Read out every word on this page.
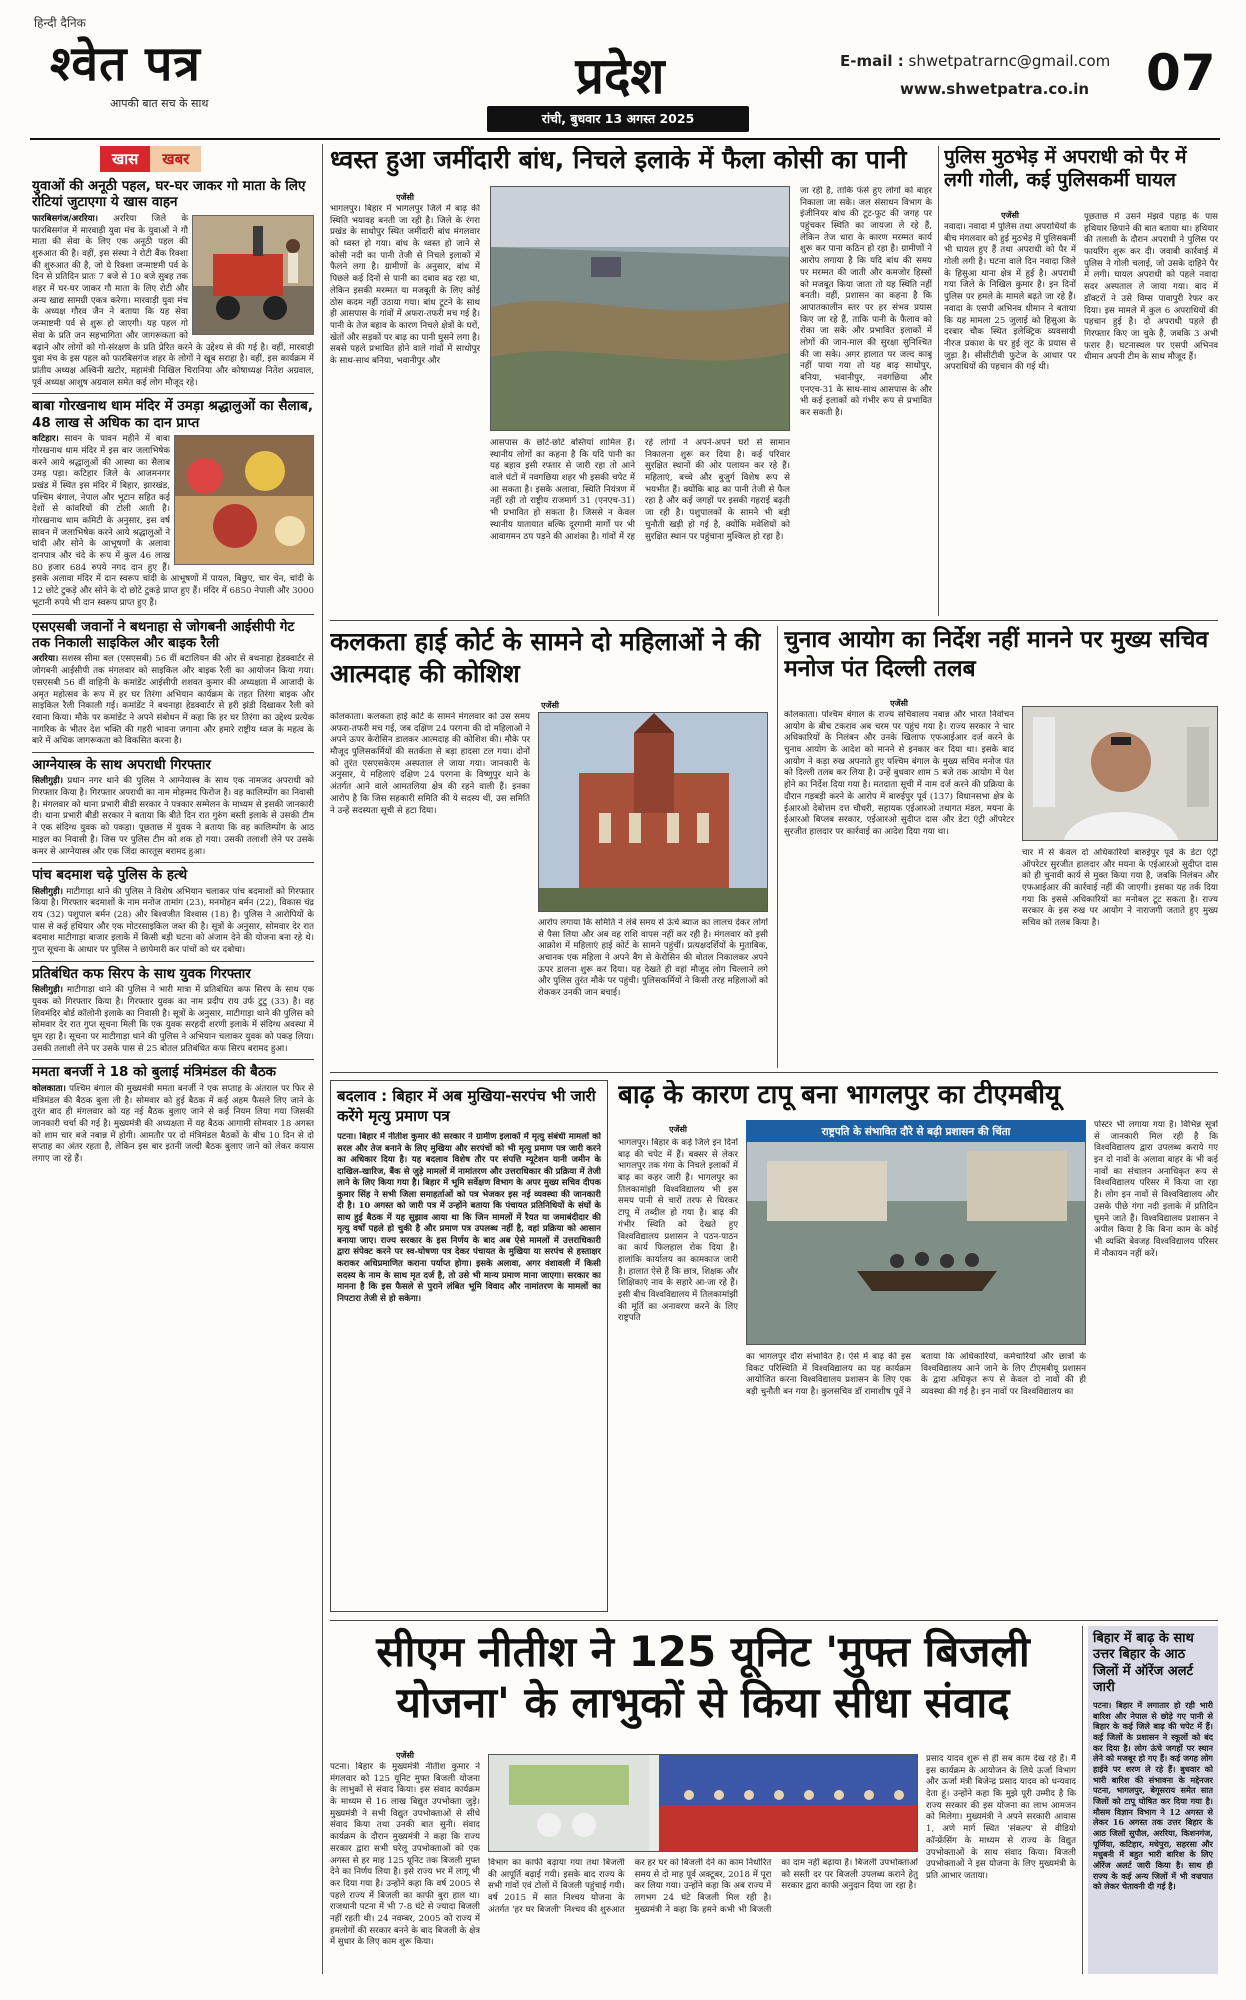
हिन्दी दैनिक
श्वेत पत्र
आपकी बात सच के साथ	प्रदेश
रांची, बुधवार 13 अगस्त 2025
E-mail : shwetpatrarnc@gmail.com
www.shwetpatra.co.in 07
खास	खबर
युवाओं की अनूठी पहल, घर-घर जाकर गो माता के लिए रोटियां जुटाएगा ये खास वाहन
फारबिसगंज/अररिया। अररिया जिले के फारबिसगंज में मारवाड़ी युवा मंच के युवाओं ने गौ माता की सेवा के लिए एक अनूठी पहल की शुरुआत की है। वहीं, इस संस्था ने रोटी बैंक रिक्शा की शुरुआत की है, जो ये रिक्शा जन्माष्टमी पर्व के दिन से प्रतिदिन प्रातः 7 बजे से 10 बजे सुबह तक शहर में घर-घर जाकर गौ माता के लिए रोटी और अन्य खाद्य सामग्री एकत्र करेगा। मारवाड़ी युवा मंच के अध्यक्ष गौरव जैन ने बताया कि यह सेवा जन्माष्टमी पर्व से शुरू हो जाएगी। यह पहल गो सेवा के प्रति जन सहभागिता और जागरूकता को बढ़ाने और लोगों को गो-संरक्षण के प्रति प्रेरित करने के उद्देश्य से की गई है। वहीं, मारवाड़ी युवा मंच के इस पहल को फारबिसगंज शहर के लोगों ने खूब सराहा है। वहीं, इस कार्यक्रम में प्रांतीय अध्यक्ष अश्विनी खटोर, महामंत्री निखिल चिरानिया और कोषाध्यक्ष नितेश अग्रवाल, पूर्व अध्यक्ष आशुष अग्रवाल समेत कई लोग मौजूद रहे।
बाबा गोरखनाथ धाम मंदिर में उमड़ा श्रद्धालुओं का सैलाब, 48 लाख से अधिक का दान प्राप्त
कटिहार। सावन के पावन महीने में बाबा गोरखनाथ धाम मंदिर में इस बार जलाभिषेक करने आये श्रद्धालुओं की आस्था का सैलाब उमड़ पड़ा। कटिहार जिले के आजमनगर प्रखंड में स्थित इस मंदिर में बिहार, झारखंड, पश्चिम बंगाल, नेपाल और भूटान सहित कई देशों से कांवरियों की टोली आती है। गोरखनाथ धाम कमिटी के अनुसार, इस वर्ष सावन में जलाभिषेक करने आये श्रद्धालुओं ने चांदी और सोने के आभूषणों के अलावा दानपात्र और चंदे के रूप में कुल 46 लाख 80 हजार 684 रुपये नगद दान हुए हैं। इसके अलावा मंदिर में दान स्वरूप चांदी के आभूषणों में पायल, बिछुए, चार चेन, चांदी के 12 छोटे टुकड़े और सोने के दो छोटे टुकड़े प्राप्त हुए हैं। मंदिर में 6850 नेपाली और 3000 भूटानी रुपये भी दान स्वरूप प्राप्त हुए हैं।
एसएसबी जवानों ने बथनाहा से जोगबनी आईसीपी गेट तक निकाली साइकिल और बाइक रैली
अररिया। सशस्त्र सीमा बल (एसएसबी) 56 वीं बटालियन की ओर से बथनाहा हेडक्वार्टर से जोगबनी आईसीपी तक मंगलवार को साइकिल और बाइक रैली का आयोजन किया गया। एसएसबी 56 वीं वाहिनी के कमांडेंट आईसीपी शशवत कुमार की अध्यक्षता में आजादी के अमृत महोत्सव के रूप में हर घर तिरंगा अभियान कार्यक्रम के तहत तिरंगा बाइक और साइकिल रैली निकाली गई। कमांडेंट ने बथनाहा हेडक्वार्टर से हरी झंडी दिखाकर रैली को रवाना किया। मौके पर कमांडेंट ने अपने संबोधन में कहा कि हर घर तिरंगा का उद्देश्य प्रत्येक नागरिक के भीतर देश भक्ति की गहरी भावना जगाना और हमारे राष्ट्रीय ध्वज के महत्व के बारे में अधिक जागरूकता को विकसित करना है।
आग्नेयास्त्र के साथ अपराधी गिरफ्तार
सिलीगुड़ी। प्रधान नगर थाने की पुलिस ने आग्नेयास्त्र के साथ एक नामजद अपराधी को गिरफ्तार किया है। गिरफ्तार अपराधी का नाम मोहम्मद फिरोज है। वह कालिम्पोंग का निवासी है। मंगलवार को थाना प्रभारी बीडी सरकार ने पत्रकार सम्मेलन के माध्यम से इसकी जानकारी दी। थाना प्रभारी बीडी सरकार ने बताया कि बीते दिन रात गुरुंग बस्ती इलाके से उसकी टीम ने एक संदिग्ध युवक को पकड़ा। पूछताछ में युवक ने बताया कि वह कालिम्पोंग के आठ माइल का निवासी है। जिस पर पुलिस टीम को शक हो गया। उसकी तलाशी लेने पर उसके कमर से आग्नेयास्त्र और एक जिंदा कारतूस बरामद हुआ।
पांच बदमाश चढ़े पुलिस के हत्थे
सिलीगुड़ी। माटीगाड़ा थाने की पुलिस ने विशेष अभियान चलाकर पांच बदमाशों को गिरफ्तार किया है। गिरफ्तार बदमाशों के नाम मनोज तामांग (23), मनमोहन बर्मन (22), विकास चंद्र राय (32) पशुपाल बर्मन (28) और बिश्वजीत विश्वास (18) है। पुलिस ने आरोपियों के पास से कई हथियार और एक मोटरसाइकिल जब्त की है। सूत्रों के अनुसार, सोमवार देर रात बदमाश माटीगाड़ा बाजार इलाके में किसी बड़ी घटना को अंजाम देने की योजना बना रहे थे। गुप्त सूचना के आधार पर पुलिस ने छापेमारी कर पांचों को धर दबोचा।
प्रतिबंधित कफ सिरप के साथ युवक गिरफ्तार
सिलीगुड़ी। माटीगाड़ा थाने की पुलिस ने भारी मात्रा में प्रतिबंधित कफ सिरप के साथ एक युवक को गिरफ्तार किया है। गिरफ्तार युवक का नाम प्रदीप राय उर्फ टुटु (33) है। वह शिवमंदिर बोर्ड कॉलोनी इलाके का निवासी है। सूत्रों के अनुसार, माटीगाड़ा थाने की पुलिस को सोमवार देर रात गुप्त सूचना मिली कि एक युवक सरहदी शरणी इलाके में संदिग्ध अवस्था में घूम रहा है। सूचना पर माटीगाड़ा थाने की पुलिस ने अभियान चलाकर युवक को पकड़ लिया। उसकी तलाशी लेने पर उसके पास से 25 बोतल प्रतिबंधित कफ सिरप बरामद हुआ।
ममता बनर्जी ने 18 को बुलाई मंत्रिमंडल की बैठक
कोलकाता। पश्चिम बंगाल की मुख्यमंत्री ममता बनर्जी ने एक सप्ताह के अंतराल पर फिर से मंत्रिमंडल की बैठक बुला ली है। सोमवार को हुई बैठक में कई अहम फैसले लिए जाने के तुरंत बाद ही मंगलवार को यह नई बैठक बुलाए जाने से कई नियम लिया गया जिसकी जानकारी चर्चा की गई है। मुख्यमंत्री की अध्यक्षता में यह बैठक आगामी सोमवार 18 अगस्त को शाम चार बजे नबान्न में होगी। आमतौर पर दो मंत्रिमंडल बैठकों के बीच 10 दिन से दो सप्ताह का अंतर रहता है, लेकिन इस बार इतनी जल्दी बैठक बुलाए जाने को लेकर कयास लगाए जा रहे हैं।
ध्वस्त हुआ जमींदारी बांध, निचले इलाके में फैला कोसी का पानी
एजेंसी
भागलपुर। बिहार में भागलपुर जिले में बाढ़ की स्थिति भयावह बनती जा रही है। जिले के रंगरा प्रखंड के साधोपुर स्थित जमींदारी बांध मंगलवार को ध्वस्त हो गया। बांध के ध्वस्त हो जाने से कोसी नदी का पानी तेजी से निचले इलाकों में फैलने लगा है। ग्रामीणों के अनुसार, बांध में पिछले कई दिनों से पानी का दबाव बढ़ रहा था, लेकिन इसकी मरम्मत या मजबूती के लिए कोई ठोस कदम नहीं उठाया गया। बांध टूटने के साथ ही आसपास के गांवों में अफरा-तफरी मच गई है। पानी के तेज बहाव के कारण निचले क्षेत्रों के घरों, खेतों और सड़कों पर बाढ़ का पानी घुसने लगा है। सबसे पहले प्रभावित होने वाले गांवों में साधोपुर के साथ-साथ बनिया, भवानीपुर और
आसपास के छोटे-छोटे बस्तियां शामिल हैं। स्थानीय लोगों का कहना है कि यदि पानी का यह बहाव इसी रफ्तार से जारी रहा तो आने वाले घंटों में नवगछिया शहर भी इसकी चपेट में आ सकता है। इसके अलावा, स्थिति नियंत्रण में नहीं रही तो राष्ट्रीय राजमार्ग 31 (एनएच-31) भी प्रभावित हो सकता है। जिससे न केवल स्थानीय यातायात बल्कि दूरगामी मार्गों पर भी आवागमन ठप पड़ने की आशंका है। गांवों में रह रहे लोगों ने अपने-अपने घरों से सामान निकालना शुरू कर दिया है। कई परिवार सुरक्षित स्थानों की ओर पलायन कर रहे हैं। महिलाएं, बच्चे और बुजुर्ग विशेष रूप से भयभीत हैं। क्योंकि बाढ़ का पानी तेजी से फैल रहा है और कई जगहों पर इसकी गहराई बढ़ती जा रही है। पशुपालकों के सामने भी बड़ी चुनौती खड़ी हो गई है, क्योंकि मवेशियों को सुरक्षित स्थान पर पहुंचाना मुश्किल हो रहा है।
जा रही है, ताकि फंसे हुए लोगों को बाहर निकाला जा सके। जल संसाधन विभाग के इंजीनियर बांध की टूट-फूट की जगह पर पहुंचकर स्थिति का जायजा ले रहे हैं, लेकिन तेज धारा के कारण मरम्मत कार्य शुरू कर पाना कठिन हो रहा है। ग्रामीणों ने आरोप लगाया है कि यदि बांध की समय पर मरम्मत की जाती और कमजोर हिस्सों को मजबूत किया जाता तो यह स्थिति नहीं बनती। वहीं, प्रशासन का कहना है कि आपातकालीन स्तर पर हर संभव प्रयास किए जा रहे हैं, ताकि पानी के फैलाव को रोका जा सके और प्रभावित इलाकों में लोगों की जान-माल की सुरक्षा सुनिश्चित की जा सके। अगर हालात पर जल्द काबू नहीं पाया गया तो यह बाढ़ साधोपुर, बनिया, भवानीपुर, नवगछिया और एनएच-31 के साथ-साथ आसपास के और भी कई इलाकों को गंभीर रूप से प्रभावित कर सकती है।
पुलिस मुठभेड़ में अपराधी को पैर में लगी गोली, कई पुलिसकर्मी घायल
एजेंसी
नवादा। नवादा में पुलिस तथा अपराधियों के बीच मंगलवार को हुई मुठभेड़ में पुलिसकर्मी भी घायल हुए हैं तथा अपराधी को पैर में गोली लगी है। घटना वाले दिन नवादा जिले के हिसुआ थाना क्षेत्र में हुई है। अपराधी गया जिले के निखिल कुमार है। इन दिनों पुलिस पर हमले के मामले बढ़ते जा रहे हैं। नवादा के एसपी अभिनव धीमान ने बताया कि यह मामला 25 जुलाई को हिसुआ के दरबार चौक स्थित इलेक्ट्रिक व्यवसायी नीरज प्रकाश के घर हुई लूट के प्रयास से जुड़ा है। सीसीटीवी फुटेज के आधार पर अपराधियों की पहचान की गई थी।
पूछताछ में उसने मंझवे पहाड़ के पास हथियार छिपाने की बात बताया था। हथियार की तलाशी के दौरान अपराधी ने पुलिस पर फायरिंग शुरू कर दी। जवाबी कार्रवाई में पुलिस ने गोली चलाई, जो उसके दाहिने पैर में लगी। घायल अपराधी को पहले नवादा सदर अस्पताल ले जाया गया। बाद में डॉक्टरों ने उसे विम्स पावापुरी रेफर कर दिया। इस मामले में कुल 6 अपराधियों की पहचान हुई है। दो अपराधी पहले ही गिरफ्तार किए जा चुके हैं, जबकि 3 अभी फरार हैं। घटनास्थल पर एसपी अभिनव धीमान अपनी टीम के साथ मौजूद हैं।
कलकता हाई कोर्ट के सामने दो महिलाओं ने की आत्मदाह की कोशिश
एजेंसी
कोलकाता। कलकता हाई कोर्ट के सामने मंगलवार को उस समय अफरा-तफरी मच गई, जब दक्षिण 24 परगना की दो महिलाओं ने अपने ऊपर केरोसिन डालकर आत्मदाह की कोशिश की। मौके पर मौजूद पुलिसकर्मियों की सतर्कता से बड़ा हादसा टल गया। दोनों को तुरंत एसएसकेएम अस्पताल ले जाया गया। जानकारी के अनुसार, ये महिलाएं दक्षिण 24 परगना के विष्णुपुर थाने के अंतर्गत आने वाले आमतलिया क्षेत्र की रहने वाली हैं। इनका आरोप है कि जिस सहकारी समिति की ये सदस्य थीं, उस समिति ने उन्हें सदस्यता सूची से हटा दिया।
आरोप लगाया कि समिति ने लंबे समय से ऊंचे ब्याज का लालच देकर लोगों से पैसा लिया और अब वह राशि वापस नहीं कर रही है। मंगलवार को इसी आक्रोश में महिलाएं हाई कोर्ट के सामने पहुंचीं। प्रत्यक्षदर्शियों के मुताबिक, अचानक एक महिला ने अपने बैग से केरोसिन की बोतल निकालकर अपने ऊपर डालना शुरू कर दिया। यह देखते ही वहां मौजूद लोग चिल्लाने लगे और पुलिस तुरंत मौके पर पहुंची। पुलिसकर्मियों ने किसी तरह महिलाओं को रोककर उनकी जान बचाई।
चुनाव आयोग का निर्देश नहीं मानने पर मुख्य सचिव मनोज पंत दिल्ली तलब
एजेंसी
कोलकाता। पश्चिम बंगाल के राज्य सचिवालय नबान्न और भारत निर्वाचन आयोग के बीच टकराव अब चरम पर पहुंच गया है। राज्य सरकार ने चार अधिकारियों के निलंबन और उनके खिलाफ एफआईआर दर्ज करने के चुनाव आयोग के आदेश को मानने से इनकार कर दिया था। इसके बाद आयोग ने कड़ा रुख अपनाते हुए पश्चिम बंगाल के मुख्य सचिव मनोज पंत को दिल्ली तलब कर लिया है। उन्हें बुधवार शाम 5 बजे तक आयोग में पेश होने का निर्देश दिया गया है। मतदाता सूची में नाम दर्ज करने की प्रक्रिया के दौरान गड़बड़ी करने के आरोप में बारुईपुर पूर्व (137) विधानसभा क्षेत्र के ईआरओ देबोत्तम दत्त चौधरी, सहायक एईआरओ तथागत मंडल, मयना के ईआरओ बिप्लब सरकार, एईआरओ सुदीप्त दास और डेटा एंट्री ऑपरेटर सुरजीत हालदार पर कार्रवाई का आदेश दिया गया था।
चार में से केवल दो अधिकारियों बारुईपुर पूर्व के डेटा एंट्री ऑपरेटर सुरजीत हालदार और मयना के एईआरओ सुदीप्त दास को ही चुनावी कार्य से मुक्त किया गया है, जबकि निलंबन और एफआईआर की कार्रवाई नहीं की जाएगी। इसका यह तर्क दिया गया कि इससे अधिकारियों का मनोबल टूट सकता है। राज्य सरकार के इस रुख पर आयोग ने नाराजगी जताते हुए मुख्य सचिव को तलब किया है।
बदलाव : बिहार में अब मुखिया-सरपंच भी जारी करेंगे मृत्यु प्रमाण पत्र
पटना। बिहार में नीतीश कुमार की सरकार ने ग्रामीण इलाकों में मृत्यु संबंधी मामलों को सरल और तेज बनाने के लिए मुखिया और सरपंचों को भी मृत्यु प्रमाण पत्र जारी करने का अधिकार दिया है। यह बदलाव विशेष तौर पर संपत्ति म्यूटेशन यानी जमीन के दाखिल-खारिज, बैंक से जुड़े मामलों में नामांतरण और उत्तराधिकार की प्रक्रिया में तेजी लाने के लिए किया गया है। बिहार में भूमि सर्वेक्षण विभाग के अपर मुख्य सचिव दीपक कुमार सिंह ने सभी जिला समाहर्ताओं को पत्र भेजकर इस नई व्यवस्था की जानकारी दी है। 10 अगस्त को जारी पत्र में उन्होंने बताया कि पंचायत प्रतिनिधियों के संघों के साथ हुई बैठक में यह सुझाव आया था कि जिन मामलों में रैयत या जमाबंदीदार की मृत्यु वर्षों पहले हो चुकी है और प्रमाण पत्र उपलब्ध नहीं है, वहां प्रक्रिया को आसान बनाया जाए। राज्य सरकार के इस निर्णय के बाद अब ऐसे मामलों में उत्तराधिकारी द्वारा संपेक्ट करने पर स्व-घोषणा पत्र देकर पंचायत के मुखिया या सरपंच से हस्ताक्षर कराकर अधिप्रमाणित कराना पर्याप्त होगा। इसके अलावा, अगर वंशावली में किसी सदस्य के नाम के साथ मृत दर्ज है, तो उसे भी मान्य प्रमाण माना जाएगा। सरकार का मानना है कि इस फैसले से पुराने लंबित भूमि विवाद और नामांतरण के मामलों का निपटारा तेजी से हो सकेगा।
बाढ़ के कारण टापू बना भागलपुर का टीएमबीयू
एजेंसी
भागलपुर। बिहार के कई जिले इन दिनों बाढ़ की चपेट में हैं। बक्सर से लेकर भागलपुर तक गंगा के निचले इलाकों में बाढ़ का कहर जारी है। भागलपुर का तिलकामांझी विश्वविद्यालय भी इस समय पानी से चारों तरफ से घिरकर टापू में तब्दील हो गया है। बाढ़ की गंभीर स्थिति को देखते हुए विश्वविद्यालय प्रशासन ने पठन-पाठन का कार्य फिलहाल रोक दिया है। हालांकि कार्यालय का कामकाज जारी है। हालात ऐसे हैं कि छात्र, शिक्षक और शिक्षिकाएं नाव के सहारे आ-जा रहे हैं। इसी बीच विश्वविद्यालय में तिलकामांझी की मूर्ति का अनावरण करने के लिए राष्ट्रपति
राष्ट्रपति के संभावित दौरे से बढ़ी प्रशासन की चिंता
का भागलपुर दौरा संभावित है। ऐसे में बाढ़ की इस विकट परिस्थिति में विश्वविद्यालय का यह कार्यक्रम आयोजित करना विश्वविद्यालय प्रशासन के लिए एक बड़ी चुनौती बन गया है। कुलसचिव डॉ रामाशीष पूर्वे ने बताया कि अधिकारियों, कर्मचारियों और छात्रों के विश्वविद्यालय आने जाने के लिए टीएमबीयू प्रशासन के द्वारा अधिकृत रूप से केवल दो नावों की ही व्यवस्था की गई है। इन नावों पर विश्वविद्यालय का
पोस्टर भी लगाया गया है। विभिन्न सूत्रों से जानकारी मिल रही है कि विश्वविद्यालय द्वारा उपलब्ध कराये गए इन दो नावों के अलावा बाहर के भी कई नावों का संचालन अनाधिकृत रूप से विश्वविद्यालय परिसर में किया जा रहा है। लोग इन नावों से विश्वविद्यालय और उसके पीछे गंगा नदी इलाके में प्रतिदिन घूमने जाते हैं। विश्वविद्यालय प्रशासन ने अपील किया है कि बिना काम के कोई भी व्यक्ति बेवजह विश्वविद्यालय परिसर में नौकायन नहीं करें।
सीएम नीतीश ने 125 यूनिट 'मुफ्त बिजली योजना' के लाभुकों से किया सीधा संवाद
एजेंसी
पटना। बिहार के मुख्यमंत्री नीतीश कुमार ने मंगलवार को 125 यूनिट मुफ्त बिजली योजना के लाभुकों से संवाद किया। इस संवाद कार्यक्रम के माध्यम से 16 लाख बिद्युत उपभोक्ता जुड़े। मुख्यमंत्री ने सभी विद्युत उपभोक्ताओं से सीधे संवाद किया तथा उनकी बात सुनी। संवाद कार्यक्रम के दौरान मुख्यमंत्री ने कहा कि राज्य सरकार द्वारा सभी घरेलू उपभोक्ताओं को एक अगस्त से हर माह 125 यूनिट तक बिजली मुफ्त देने का निर्णय लिया है। इसे राज्य भर में लागू भी कर दिया गया है। उन्होंने कहा कि वर्ष 2005 से पहले राज्य में बिजली का काफी बुरा हाल था। राजधानी पटना में भी 7-8 घंटे से ज्यादा बिजली नहीं रहती थी। 24 नवम्बर, 2005 को राज्य में हमलोगों की सरकार बनने के बाद बिजली के क्षेत्र में सुधार के लिए काम शुरू किया।
विभाग का काफी बढ़ाया गया तथा बिजली की आपूर्ति बढ़ाई गयी। इसके बाद राज्य के सभी गांवों एवं टोलों में बिजली पहुंचाई गयी। वर्ष 2015 में सात निश्चय योजना के अंतर्गत 'हर घर बिजली' निश्चय की शुरुआत कर हर घर को बिजली देने का काम निर्धारित समय से दो माह पूर्व अक्टूबर, 2018 में पूरा कर लिया गया। उन्होंने कहा कि अब राज्य में लगभग 24 घंटे बिजली मिल रही है। मुख्यमंत्री ने कहा कि हमने कभी भी बिजली का दाम नहीं बढ़ाया है। बिजली उपभोक्ताओं को सस्ती दर पर बिजली उपलब्ध कराने हेतु सरकार द्वारा काफी अनुदान दिया जा रहा है।
प्रसाद यादव शुरू से ही सब काम देख रहे हैं। मैं इस कार्यक्रम के आयोजन के लिये ऊर्जा विभाग और ऊर्जा मंत्री बिजेन्द्र प्रसाद यादव को धन्यवाद देता हूं। उन्होंने कहा कि मुझे पूरी उम्मीद है कि राज्य सरकार की इस योजना का लाभ आमजन को मिलेगा। मुख्यमंत्री ने अपने सरकारी आवास 1, अणे मार्ग स्थित 'संकल्प' से वीडियो कॉन्फ्रेंसिंग के माध्यम से राज्य के विद्युत उपभोक्ताओं के साथ संवाद किया। बिजली उपभोक्ताओं ने इस योजना के लिए मुख्यमंत्री के प्रति आभार जताया।
बिहार में बाढ़ के साथ उत्तर बिहार के आठ जिलों में ऑरेंज अलर्ट जारी
पटना। बिहार में लगातार हो रही भारी बारिश और नेपाल से छोड़े गए पानी से बिहार के कई जिले बाढ़ की चपेट में हैं। कई जिलों के प्रशासन ने स्कूलों को बंद कर दिया है। लोग ऊंचे जगहों पर स्थान लेने को मजबूर हो गए हैं। कई जगह लोग हाईवे पर शरण ले रहे हैं। बुधवार को भारी बारिश की संभावना के मद्देनजर पटना, भागलपुर, बेगूसराय समेत सात जिलों को टापू घोषित कर दिया गया है। मौसम विज्ञान विभाग ने 12 अगस्त से लेकर 16 अगस्त तक उत्तर बिहार के आठ जिलों सुपौल, अररिया, किशनगंज, पूर्णिया, कटिहार, मधेपुरा, सहरसा और मधुबनी में बहुत भारी बारिश के लिए ऑरेंज अलर्ट जारी किया है। साथ ही राज्य के कई अन्य जिलों में भी वज्रपात को लेकर चेतावनी दी गई है।
